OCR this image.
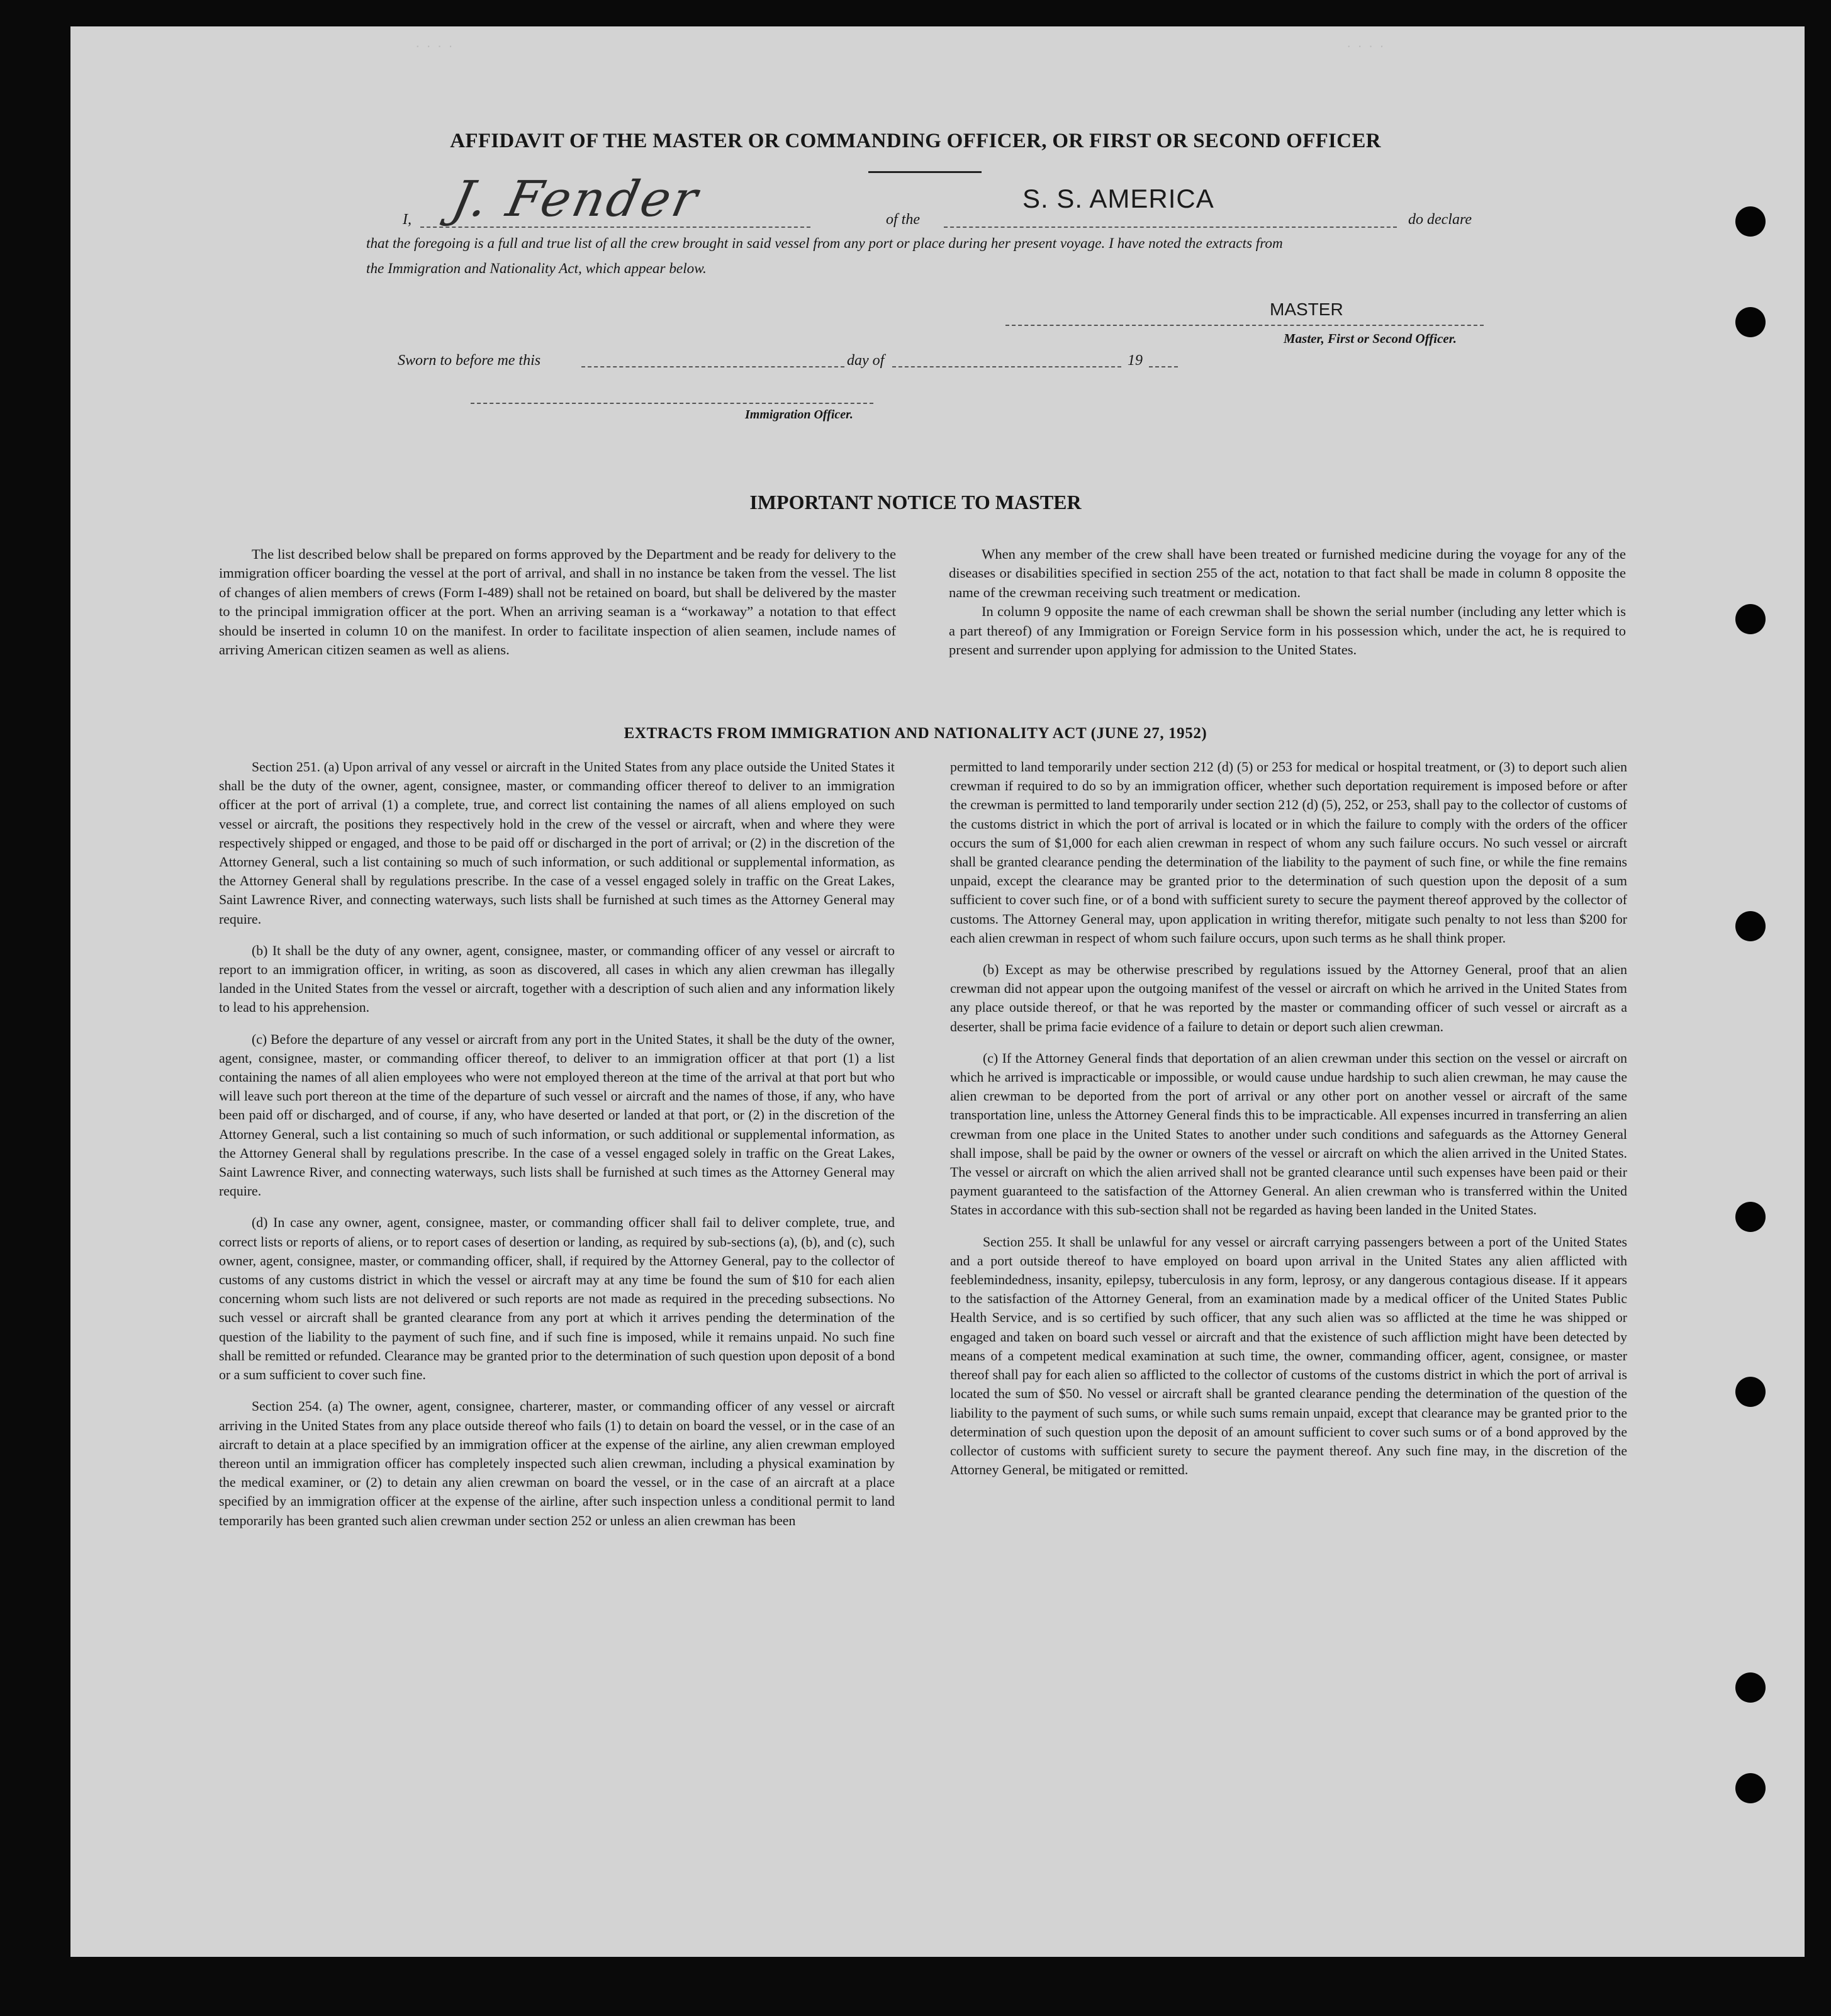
· · · ·	· · · ·
AFFIDAVIT OF THE MASTER OR COMMANDING OFFICER, OR FIRST OR SECOND OFFICER
I, J. Fender	of the
S. S. AMERICA
do declare
that the foregoing is a full and true list of all the crew brought in said vessel from any port or place during her present voyage. I have noted the extracts from
the Immigration and Nationality Act, which appear below.
MASTER
Master, First or Second Officer.
Sworn to before me this	day of	19
Immigration Officer.
IMPORTANT NOTICE TO MASTER

The list described below shall be prepared on forms approved by the Department and be ready for delivery to the immigration officer boarding the vessel at the port of arrival, and shall in no instance be taken from the vessel. The list of changes of alien members of crews (Form I-489) shall not be retained on board, but shall be delivered by the master to the principal immigration officer at the port. When an arriving seaman is a “workaway” a notation to that effect should be inserted in column 10 on the manifest. In order to facilitate inspection of alien seamen, include names of arriving American citizen seamen as well as aliens.

When any member of the crew shall have been treated or furnished medicine during the voyage for any of the diseases or disabilities specified in section 255 of the act, notation to that fact shall be made in column 8 opposite the name of the crewman receiving such treatment or medication.

In column 9 opposite the name of each crewman shall be shown the serial number (including any letter which is a part thereof) of any Immigration or Foreign Service form in his possession which, under the act, he is required to present and surrender upon applying for admission to the United States.

EXTRACTS FROM IMMIGRATION AND NATIONALITY ACT (JUNE 27, 1952)

Section 251. (a) Upon arrival of any vessel or aircraft in the United States from any place outside the United States it shall be the duty of the owner, agent, consignee, master, or commanding officer thereof to deliver to an immigration officer at the port of arrival (1) a complete, true, and correct list containing the names of all aliens employed on such vessel or aircraft, the positions they respectively hold in the crew of the vessel or aircraft, when and where they were respectively shipped or engaged, and those to be paid off or discharged in the port of arrival; or (2) in the discretion of the Attorney General, such a list containing so much of such information, or such additional or supplemental information, as the Attorney General shall by regulations prescribe. In the case of a vessel engaged solely in traffic on the Great Lakes, Saint Lawrence River, and connecting waterways, such lists shall be furnished at such times as the Attorney General may require.

(b) It shall be the duty of any owner, agent, consignee, master, or commanding officer of any vessel or aircraft to report to an immigration officer, in writing, as soon as discovered, all cases in which any alien crewman has illegally landed in the United States from the vessel or aircraft, together with a description of such alien and any information likely to lead to his apprehension.

(c) Before the departure of any vessel or aircraft from any port in the United States, it shall be the duty of the owner, agent, consignee, master, or commanding officer thereof, to deliver to an immigration officer at that port (1) a list containing the names of all alien employees who were not employed thereon at the time of the arrival at that port but who will leave such port thereon at the time of the departure of such vessel or aircraft and the names of those, if any, who have been paid off or discharged, and of course, if any, who have deserted or landed at that port, or (2) in the discretion of the Attorney General, such a list containing so much of such information, or such additional or supplemental information, as the Attorney General shall by regulations prescribe. In the case of a vessel engaged solely in traffic on the Great Lakes, Saint Lawrence River, and connecting waterways, such lists shall be furnished at such times as the Attorney General may require.

(d) In case any owner, agent, consignee, master, or commanding officer shall fail to deliver complete, true, and correct lists or reports of aliens, or to report cases of desertion or landing, as required by sub-sections (a), (b), and (c), such owner, agent, consignee, master, or commanding officer, shall, if required by the Attorney General, pay to the collector of customs of any customs district in which the vessel or aircraft may at any time be found the sum of $10 for each alien concerning whom such lists are not delivered or such reports are not made as required in the preceding subsections. No such vessel or aircraft shall be granted clearance from any port at which it arrives pending the determination of the question of the liability to the payment of such fine, and if such fine is imposed, while it remains unpaid. No such fine shall be remitted or refunded. Clearance may be granted prior to the determination of such question upon deposit of a bond or a sum sufficient to cover such fine.

Section 254. (a) The owner, agent, consignee, charterer, master, or commanding officer of any vessel or aircraft arriving in the United States from any place outside thereof who fails (1) to detain on board the vessel, or in the case of an aircraft to detain at a place specified by an immigration officer at the expense of the airline, any alien crewman employed thereon until an immigration officer has completely inspected such alien crewman, including a physical examination by the medical examiner, or (2) to detain any alien crewman on board the vessel, or in the case of an aircraft at a place specified by an immigration officer at the expense of the airline, after such inspection unless a conditional permit to land temporarily has been granted such alien crewman under section 252 or unless an alien crewman has been

permitted to land temporarily under section 212 (d) (5) or 253 for medical or hospital treatment, or (3) to deport such alien crewman if required to do so by an immigration officer, whether such deportation requirement is imposed before or after the crewman is permitted to land temporarily under section 212 (d) (5), 252, or 253, shall pay to the collector of customs of the customs district in which the port of arrival is located or in which the failure to comply with the orders of the officer occurs the sum of $1,000 for each alien crewman in respect of whom any such failure occurs. No such vessel or aircraft shall be granted clearance pending the determination of the liability to the payment of such fine, or while the fine remains unpaid, except the clearance may be granted prior to the determination of such question upon the deposit of a sum sufficient to cover such fine, or of a bond with sufficient surety to secure the payment thereof approved by the collector of customs. The Attorney General may, upon application in writing therefor, mitigate such penalty to not less than $200 for each alien crewman in respect of whom such failure occurs, upon such terms as he shall think proper.

(b) Except as may be otherwise prescribed by regulations issued by the Attorney General, proof that an alien crewman did not appear upon the outgoing manifest of the vessel or aircraft on which he arrived in the United States from any place outside thereof, or that he was reported by the master or commanding officer of such vessel or aircraft as a deserter, shall be prima facie evidence of a failure to detain or deport such alien crewman.

(c) If the Attorney General finds that deportation of an alien crewman under this section on the vessel or aircraft on which he arrived is impracticable or impossible, or would cause undue hardship to such alien crewman, he may cause the alien crewman to be deported from the port of arrival or any other port on another vessel or aircraft of the same transportation line, unless the Attorney General finds this to be impracticable. All expenses incurred in transferring an alien crewman from one place in the United States to another under such conditions and safeguards as the Attorney General shall impose, shall be paid by the owner or owners of the vessel or aircraft on which the alien arrived in the United States. The vessel or aircraft on which the alien arrived shall not be granted clearance until such expenses have been paid or their payment guaranteed to the satisfaction of the Attorney General. An alien crewman who is transferred within the United States in accordance with this sub-section shall not be regarded as having been landed in the United States.

Section 255. It shall be unlawful for any vessel or aircraft carrying passengers between a port of the United States and a port outside thereof to have employed on board upon arrival in the United States any alien afflicted with feeblemindedness, insanity, epilepsy, tuberculosis in any form, leprosy, or any dangerous contagious disease. If it appears to the satisfaction of the Attorney General, from an examination made by a medical officer of the United States Public Health Service, and is so certified by such officer, that any such alien was so afflicted at the time he was shipped or engaged and taken on board such vessel or aircraft and that the existence of such affliction might have been detected by means of a competent medical examination at such time, the owner, commanding officer, agent, consignee, or master thereof shall pay for each alien so afflicted to the collector of customs of the customs district in which the port of arrival is located the sum of $50. No vessel or aircraft shall be granted clearance pending the determination of the question of the liability to the payment of such sums, or while such sums remain unpaid, except that clearance may be granted prior to the determination of such question upon the deposit of an amount sufficient to cover such sums or of a bond approved by the collector of customs with sufficient surety to secure the payment thereof. Any such fine may, in the discretion of the Attorney General, be mitigated or remitted.
